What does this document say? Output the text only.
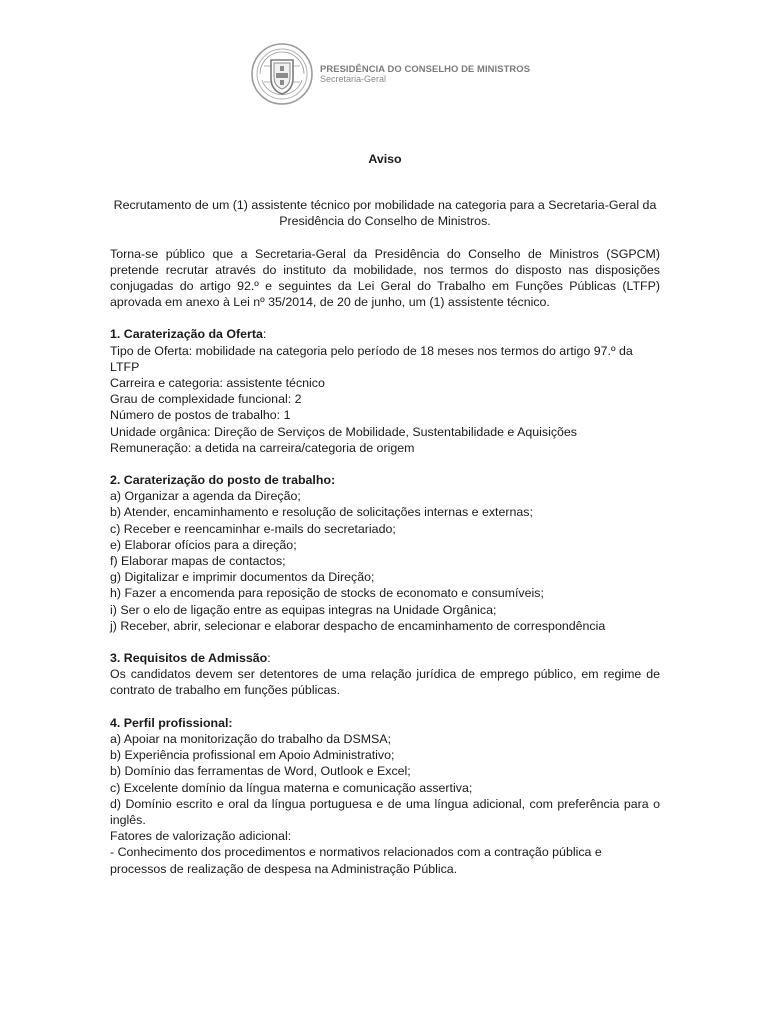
PRESIDÊNCIA DO CONSELHO DE MINISTROS
Secretaria-Geral
Aviso
Recrutamento de um (1) assistente técnico por mobilidade na categoria para a Secretaria-Geral da Presidência do Conselho de Ministros.
Torna-se público que a Secretaria-Geral da Presidência do Conselho de Ministros (SGPCM) pretende recrutar através do instituto da mobilidade, nos termos do disposto nas disposições conjugadas do artigo 92.º e seguintes da Lei Geral do Trabalho em Funções Públicas (LTFP) aprovada em anexo à Lei nº 35/2014, de 20 de junho, um (1) assistente técnico.
1. Caraterização da Oferta:
Tipo de Oferta: mobilidade na categoria pelo período de 18 meses nos termos do artigo 97.º da LTFP
Carreira e categoria: assistente técnico
Grau de complexidade funcional: 2
Número de postos de trabalho: 1
Unidade orgânica: Direção de Serviços de Mobilidade, Sustentabilidade e Aquisições
Remuneração: a detida na carreira/categoria de origem
2. Caraterização do posto de trabalho:
a) Organizar a agenda da Direção;
b) Atender, encaminhamento e resolução de solicitações internas e externas;
c) Receber e reencaminhar e-mails do secretariado;
e) Elaborar ofícios para a direção;
f) Elaborar mapas de contactos;
g) Digitalizar e imprimir documentos da Direção;
h) Fazer a encomenda para reposição de stocks de economato e consumíveis;
i) Ser o elo de ligação entre as equipas integras na Unidade Orgânica;
j) Receber, abrir, selecionar e elaborar despacho de encaminhamento de correspondência
3. Requisitos de Admissão:
Os candidatos devem ser detentores de uma relação jurídica de emprego público, em regime de contrato de trabalho em funções públicas.
4. Perfil profissional:
a) Apoiar na monitorização do trabalho da DSMSA;
b) Experiência profissional em Apoio Administrativo;
b) Domínio das ferramentas de Word, Outlook e Excel;
c) Excelente domínio da língua materna e comunicação assertiva;
d) Domínio escrito e oral da língua portuguesa e de uma língua adicional, com preferência para o inglês.
Fatores de valorização adicional:
- Conhecimento dos procedimentos e normativos relacionados com a contração pública e processos de realização de despesa na Administração Pública.
